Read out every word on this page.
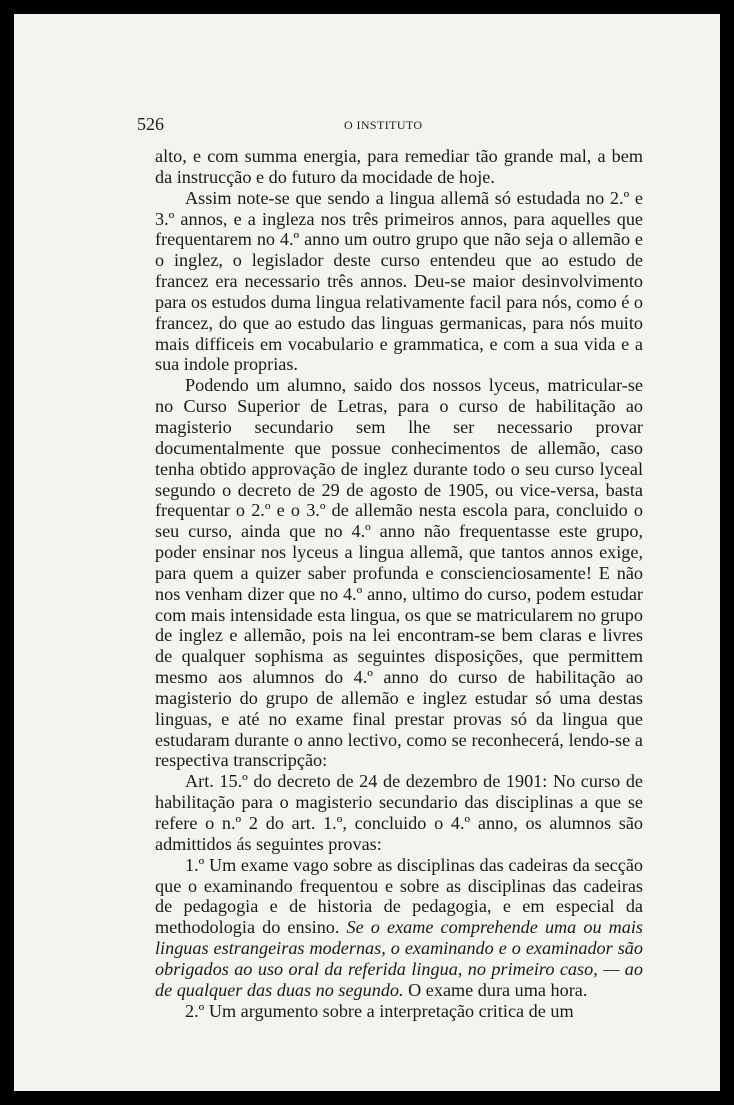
526	O INSTITUTO

alto, e com summa energia, para remediar tão grande mal, a bem da instrucção e do futuro da mocidade de hoje.

Assim note-se que sendo a lingua allemã só estudada no 2.º e 3.º annos, e a ingleza nos três primeiros annos, para aquelles que frequentarem no 4.º anno um outro grupo que não seja o allemão e o inglez, o legislador deste curso entendeu que ao estudo de francez era necessario três annos. Deu-se maior desinvolvimento para os estudos duma lingua relativamente facil para nós, como é o francez, do que ao estudo das linguas germanicas, para nós muito mais difficeis em vocabulario e grammatica, e com a sua vida e a sua indole proprias.

Podendo um alumno, saido dos nossos lyceus, matricular-se no Curso Superior de Letras, para o curso de habilitação ao magisterio secundario sem lhe ser necessario provar documentalmente que possue conhecimentos de allemão, caso tenha obtido approvação de inglez durante todo o seu curso lyceal segundo o decreto de 29 de agosto de 1905, ou vice-versa, basta frequentar o 2.º e o 3.º de allemão nesta escola para, concluido o seu curso, ainda que no 4.º anno não frequentasse este grupo, poder ensinar nos lyceus a lingua allemã, que tantos annos exige, para quem a quizer saber profunda e conscienciosamente! E não nos venham dizer que no 4.º anno, ultimo do curso, podem estudar com mais intensidade esta lingua, os que se matricularem no grupo de inglez e allemão, pois na lei encontram-se bem claras e livres de qualquer sophisma as seguintes disposições, que permittem mesmo aos alumnos do 4.º anno do curso de habilitação ao magisterio do grupo de allemão e inglez estudar só uma destas linguas, e até no exame final prestar provas só da lingua que estudaram durante o anno lectivo, como se reconhecerá, lendo-se a respectiva transcripção:

Art. 15.º do decreto de 24 de dezembro de 1901: No curso de habilitação para o magisterio secundario das disciplinas a que se refere o n.º 2 do art. 1.º, concluido o 4.º anno, os alumnos são admittidos ás seguintes provas:

1.º Um exame vago sobre as disciplinas das cadeiras da secção que o examinando frequentou e sobre as disciplinas das cadeiras de pedagogia e de historia de pedagogia, e em especial da methodologia do ensino. Se o exame comprehende uma ou mais linguas estrangeiras modernas, o examinando e o examinador são obrigados ao uso oral da referida lingua, no primeiro caso, — ao de qualquer das duas no segundo. O exame dura uma hora.

2.º Um argumento sobre a interpretação critica de um
